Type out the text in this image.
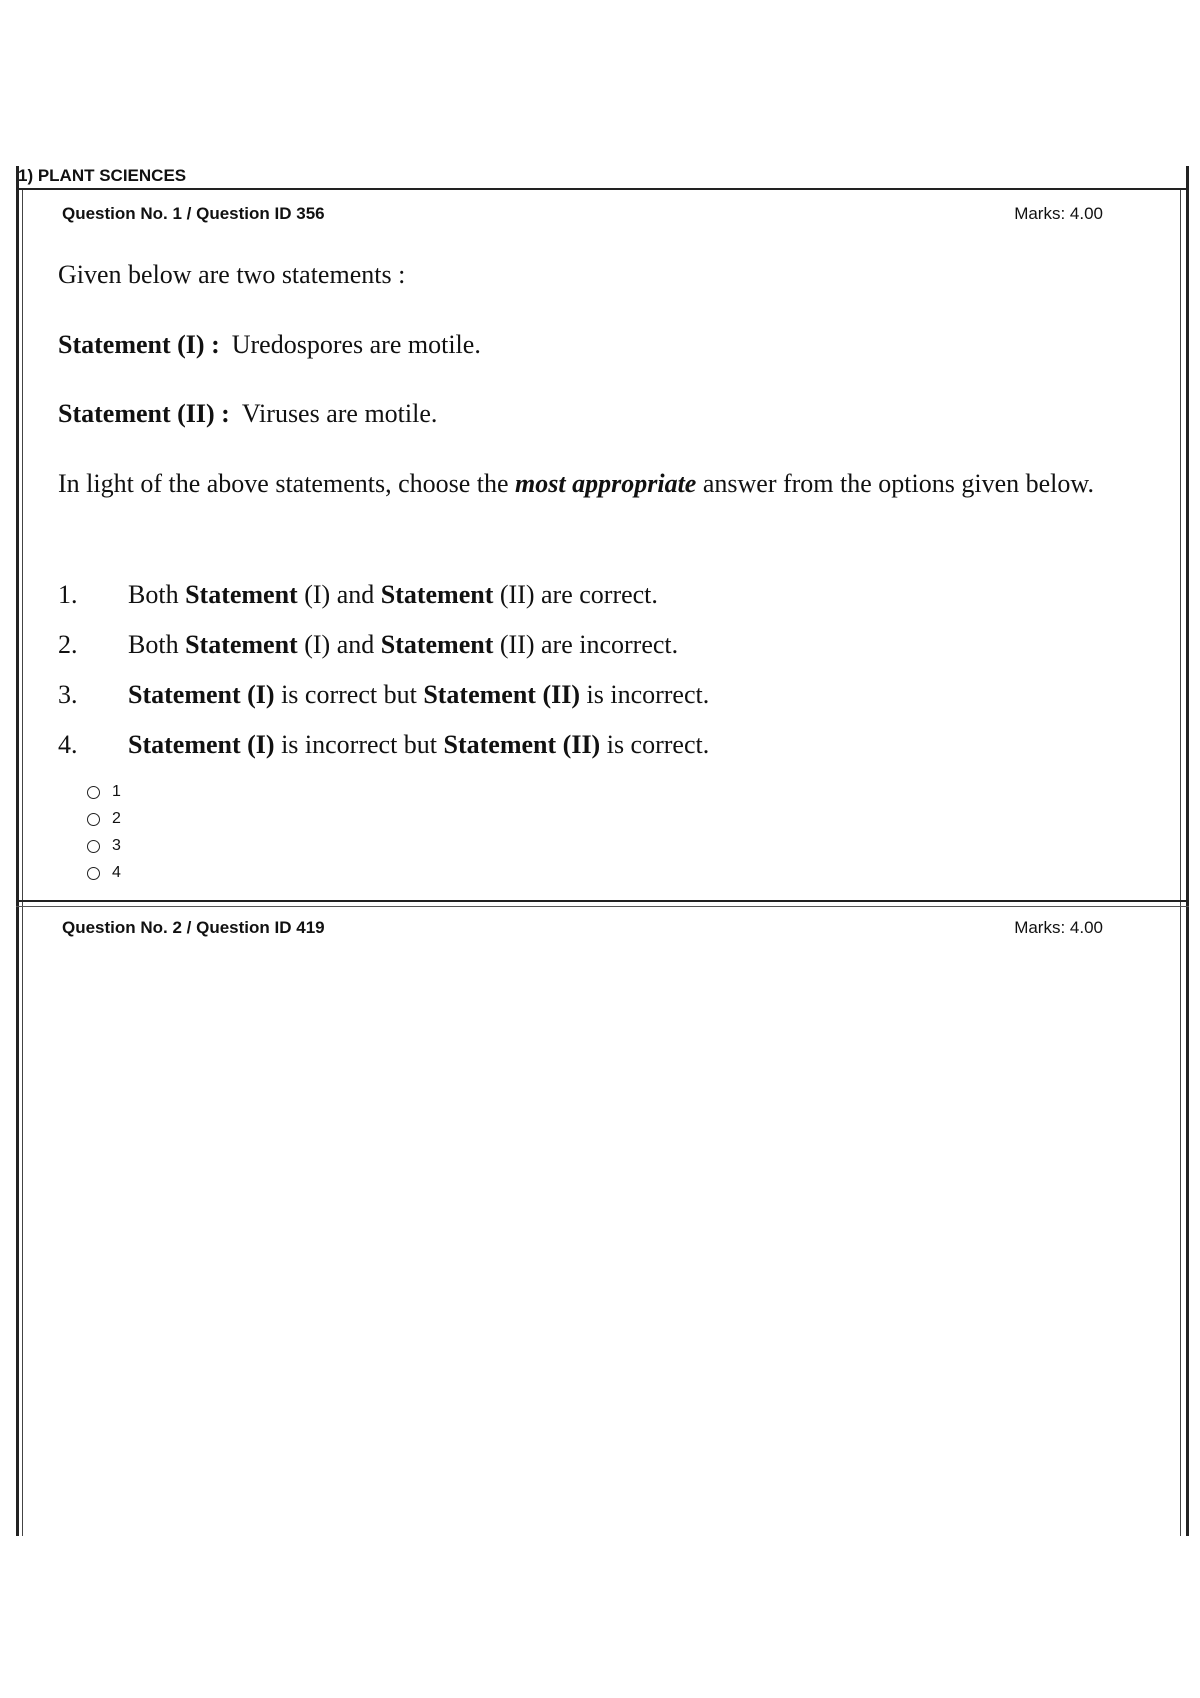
1) PLANT SCIENCES
Question No. 1 / Question ID 356	Marks: 4.00
Given below are two statements :
Statement (I) : Uredospores are motile.
Statement (II) : Viruses are motile.
In light of the above statements, choose the most appropriate answer from the options given below.
1. Both Statement (I) and Statement (II) are correct.
2. Both Statement (I) and Statement (II) are incorrect.
3. Statement (I) is correct but Statement (II) is incorrect.
4. Statement (I) is incorrect but Statement (II) is correct.
1
2
3
4
Question No. 2 / Question ID 419	Marks: 4.00
